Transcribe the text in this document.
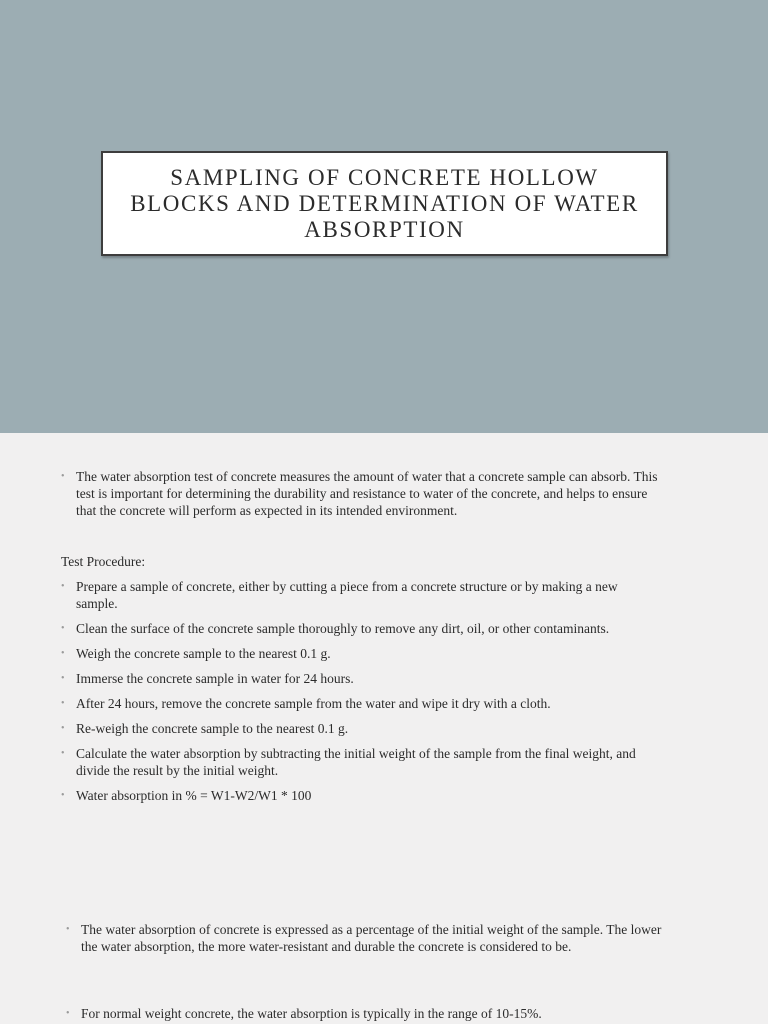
SAMPLING OF CONCRETE HOLLOW BLOCKS AND DETERMINATION OF WATER ABSORPTION
• The water absorption test of concrete measures the amount of water that a concrete sample can absorb. This test is important for determining the durability and resistance to water of the concrete, and helps to ensure that the concrete will perform as expected in its intended environment.
Test Procedure:
• Prepare a sample of concrete, either by cutting a piece from a concrete structure or by making a new sample.
• Clean the surface of the concrete sample thoroughly to remove any dirt, oil, or other contaminants.
• Weigh the concrete sample to the nearest 0.1 g.
• Immerse the concrete sample in water for 24 hours.
• After 24 hours, remove the concrete sample from the water and wipe it dry with a cloth.
• Re-weigh the concrete sample to the nearest 0.1 g.
• Calculate the water absorption by subtracting the initial weight of the sample from the final weight, and divide the result by the initial weight.
• Water absorption in % = W1-W2/W1 * 100
• The water absorption of concrete is expressed as a percentage of the initial weight of the sample. The lower the water absorption, the more water-resistant and durable the concrete is considered to be.
• For normal weight concrete, the water absorption is typically in the range of 10-15%.
